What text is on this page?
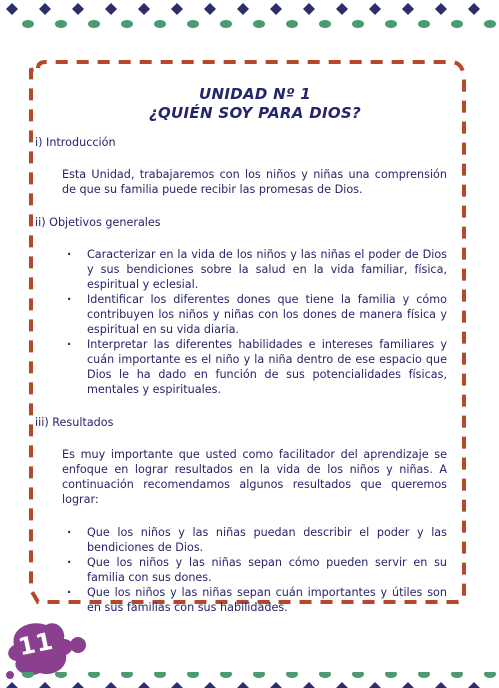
UNIDAD Nº 1
¿QUIÉN SOY PARA DIOS?
i) Introducción
Esta Unidad, trabajaremos con los niños y niñas una comprensión de que su familia puede recibir las promesas de Dios.
ii) Objetivos generales
· Caracterizar en la vida de los niños y las niñas el poder de Dios y sus bendiciones sobre la salud en la vida familiar, física, espiritual y eclesial.
· Identificar los diferentes dones que tiene la familia y cómo contribuyen los niños y niñas con los dones de manera física y espiritual en su vida diaria.
· Interpretar las diferentes habilidades e intereses familiares y cuán importante es el niño y la niña dentro de ese espacio que Dios le ha dado en función de sus potencialidades físicas, mentales y espirituales.
iii) Resultados
Es muy importante que usted como facilitador del aprendizaje se enfoque en lograr resultados en la vida de los niños y niñas. A continuación recomendamos algunos resultados que queremos lograr:
· Que los niños y las niñas puedan describir el poder y las bendiciones de Dios.
· Que los niños y las niñas sepan cómo pueden servir en su familia con sus dones.
· Que los niños y las niñas sepan cuán importantes y útiles son en sus familias con sus habilidades.
11
